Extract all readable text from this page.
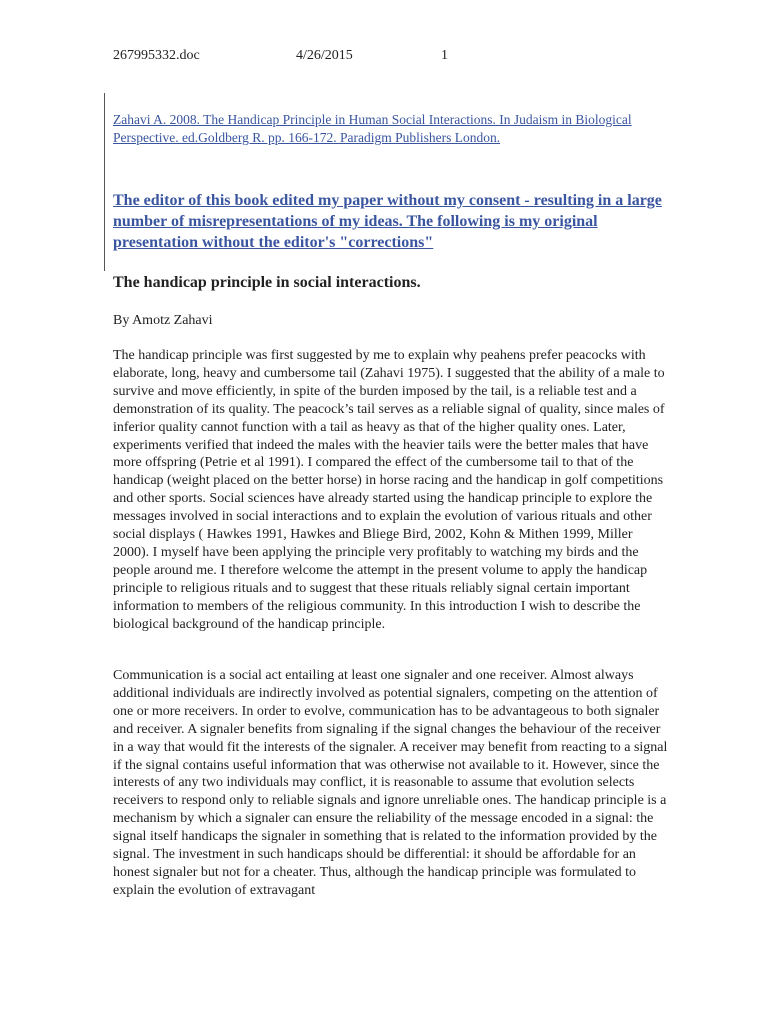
267995332.doc	4/26/2015	1
Zahavi A. 2008. The Handicap Principle in Human Social Interactions. In Judaism in Biological Perspective. ed.Goldberg R. pp. 166-172. Paradigm Publishers London.
The editor of this book edited my paper without my consent - resulting in a large number of misrepresentations of my ideas. The following is my original presentation without the editor's "corrections"
The handicap principle in social interactions.
By Amotz Zahavi

The handicap principle was first suggested by me to explain why peahens prefer peacocks with elaborate, long, heavy and cumbersome tail (Zahavi 1975). I suggested that the ability of a male to survive and move efficiently, in spite of the burden imposed by the tail, is a reliable test and a demonstration of its quality. The peacock’s tail serves as a reliable signal of quality, since males of inferior quality cannot function with a tail as heavy as that of the higher quality ones. Later, experiments verified that indeed the males with the heavier tails were the better males that have more offspring (Petrie et al 1991). I compared the effect of the cumbersome tail to that of the handicap (weight placed on the better horse) in horse racing and the handicap in golf competitions and other sports. Social sciences have already started using the handicap principle to explore the messages involved in social interactions and to explain the evolution of various rituals and other social displays ( Hawkes 1991, Hawkes and Bliege Bird, 2002, Kohn & Mithen 1999, Miller 2000). I myself have been applying the principle very profitably to watching my birds and the people around me. I therefore welcome the attempt in the present volume to apply the handicap principle to religious rituals and to suggest that these rituals reliably signal certain important information to members of the religious community. In this introduction I wish to describe the biological background of the handicap principle.

Communication is a social act entailing at least one signaler and one receiver. Almost always additional individuals are indirectly involved as potential signalers, competing on the attention of one or more receivers. In order to evolve, communication has to be advantageous to both signaler and receiver. A signaler benefits from signaling if the signal changes the behaviour of the receiver in a way that would fit the interests of the signaler. A receiver may benefit from reacting to a signal if the signal contains useful information that was otherwise not available to it. However, since the interests of any two individuals may conflict, it is reasonable to assume that evolution selects receivers to respond only to reliable signals and ignore unreliable ones. The handicap principle is a mechanism by which a signaler can ensure the reliability of the message encoded in a signal: the signal itself handicaps the signaler in something that is related to the information provided by the signal. The investment in such handicaps should be differential: it should be affordable for an honest signaler but not for a cheater. Thus, although the handicap principle was formulated to explain the evolution of extravagant
